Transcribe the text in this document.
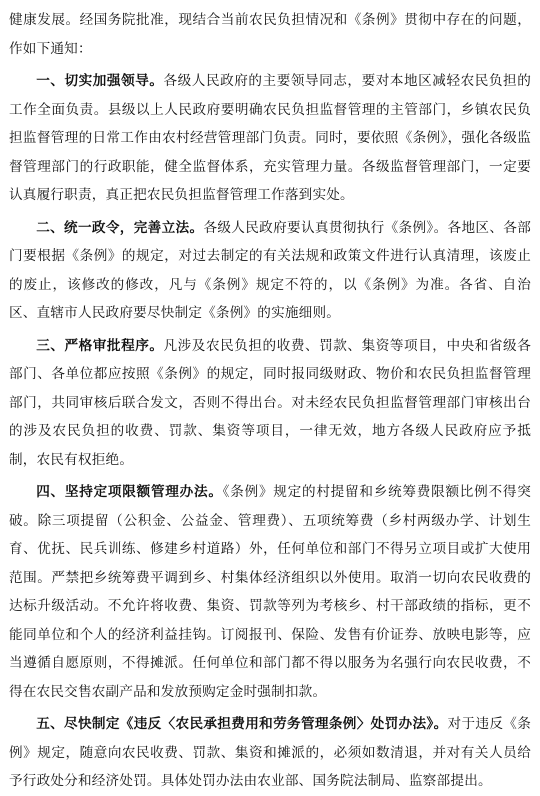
健康发展。经国务院批准，现结合当前农民负担情况和《条例》贯彻中存在的问题，作如下通知：

一、切实加强领导。各级人民政府的主要领导同志，要对本地区减轻农民负担的工作全面负责。县级以上人民政府要明确农民负担监督管理的主管部门，乡镇农民负担监督管理的日常工作由农村经营管理部门负责。同时，要依照《条例》，强化各级监督管理部门的行政职能，健全监督体系，充实管理力量。各级监督管理部门，一定要认真履行职责，真正把农民负担监督管理工作落到实处。

二、统一政令，完善立法。各级人民政府要认真贯彻执行《条例》。各地区、各部门要根据《条例》的规定，对过去制定的有关法规和政策文件进行认真清理，该废止的废止，该修改的修改，凡与《条例》规定不符的，以《条例》为准。各省、自治区、直辖市人民政府要尽快制定《条例》的实施细则。

三、严格审批程序。凡涉及农民负担的收费、罚款、集资等项目，中央和省级各部门、各单位都应按照《条例》的规定，同时报同级财政、物价和农民负担监督管理部门，共同审核后联合发文，否则不得出台。对未经农民负担监督管理部门审核出台的涉及农民负担的收费、罚款、集资等项目，一律无效，地方各级人民政府应予抵制，农民有权拒绝。

四、坚持定项限额管理办法。《条例》规定的村提留和乡统筹费限额比例不得突破。除三项提留（公积金、公益金、管理费）、五项统筹费（乡村两级办学、计划生育、优抚、民兵训练、修建乡村道路）外，任何单位和部门不得另立项目或扩大使用范围。严禁把乡统筹费平调到乡、村集体经济组织以外使用。取消一切向农民收费的达标升级活动。不允许将收费、集资、罚款等列为考核乡、村干部政绩的指标，更不能同单位和个人的经济利益挂钩。订阅报刊、保险、发售有价证券、放映电影等，应当遵循自愿原则，不得摊派。任何单位和部门都不得以服务为名强行向农民收费，不得在农民交售农副产品和发放预购定金时强制扣款。

五、尽快制定《违反〈农民承担费用和劳务管理条例〉处罚办法》。对于违反《条例》规定，随意向农民收费、罚款、集资和摊派的，必须如数清退，并对有关人员给予行政处分和经济处罚。具体处罚办法由农业部、国务院法制局、监察部提出。
